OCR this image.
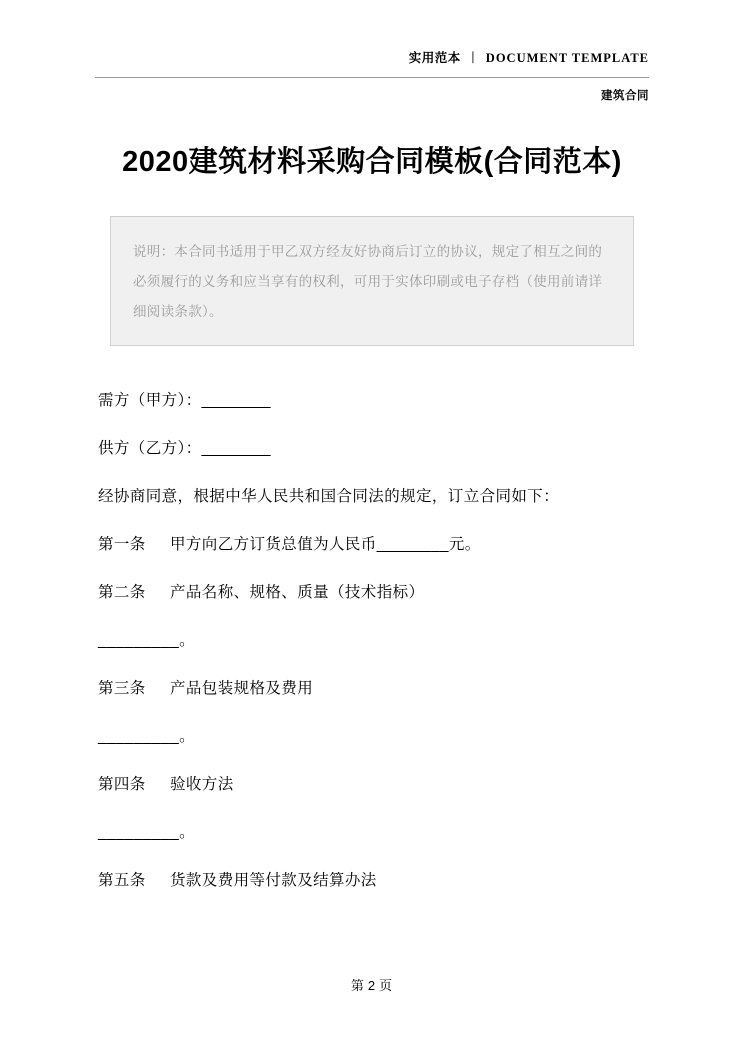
实用范本 丨 DOCUMENT TEMPLATE
建筑合同
2020建筑材料采购合同模板(合同范本)
说明：本合同书适用于甲乙双方经友好协商后订立的协议，规定了相互之间的必须履行的义务和应当享有的权利，可用于实体印刷或电子存档（使用前请详细阅读条款）。
需方（甲方）：________
供方（乙方）：________
经协商同意，根据中华人民共和国合同法的规定，订立合同如下：
第一条 甲方向乙方订货总值为人民币________元。
第二条 产品名称、规格、质量（技术指标）
_________。
第三条 产品包装规格及费用
_________。
第四条 验收方法
_________。
第五条 货款及费用等付款及结算办法
第 2 页
